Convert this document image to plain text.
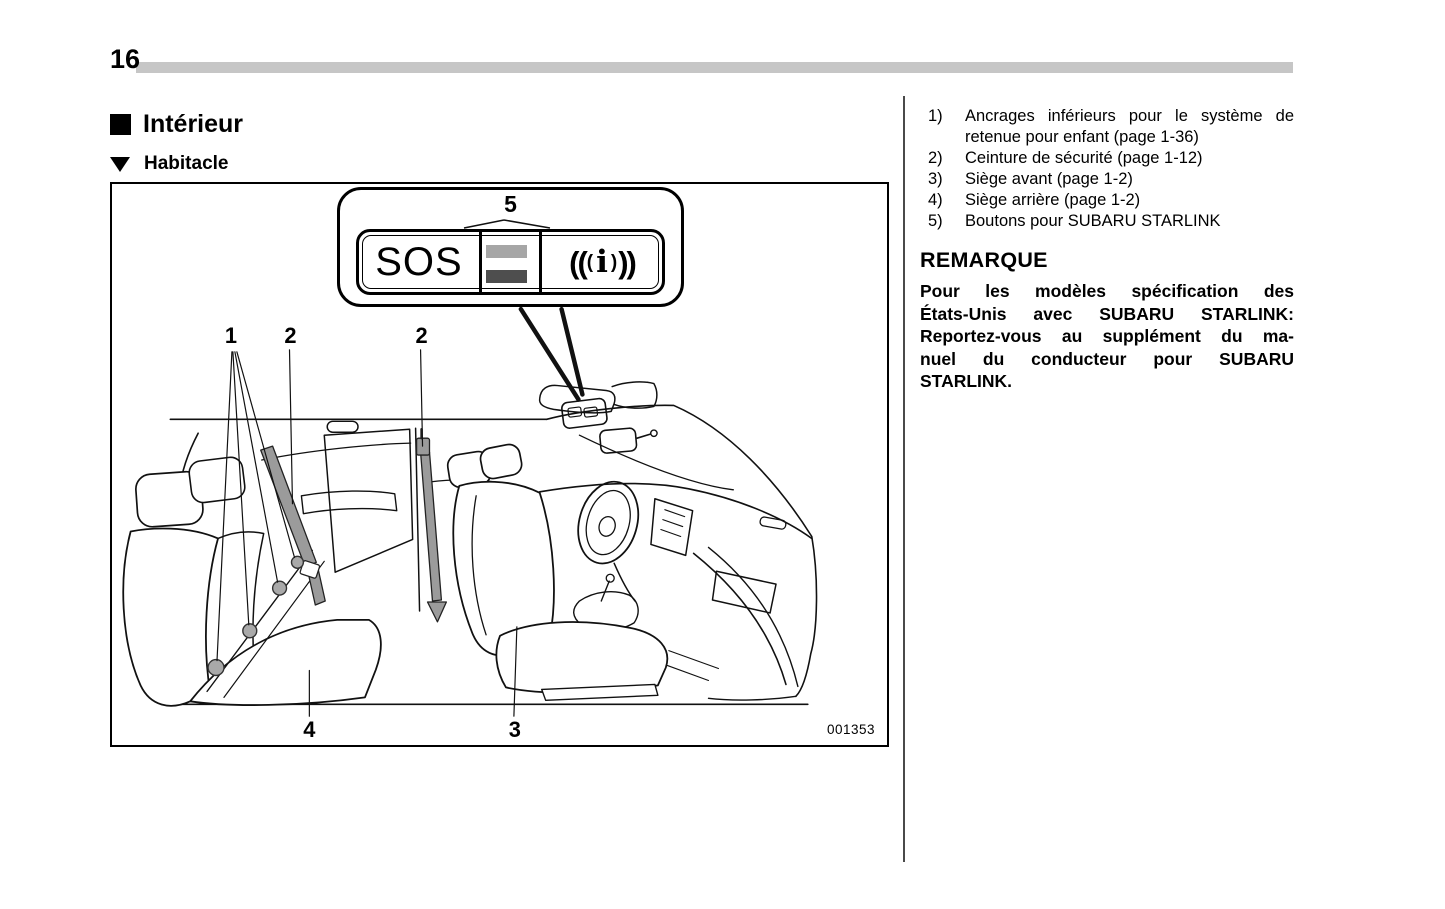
16
Intérieur
Habitacle
1 2	2
4	3
5
SOS	(( ( i ) ))
001353
1)	Ancrages inférieurs pour le système de
retenue pour enfant (page 1-36)
2)	Ceinture de sécurité (page 1-12)
3)	Siège avant (page 1-2)
4)	Siège arrière (page 1-2)
5)	Boutons pour SUBARU STARLINK
REMARQUE
Pour les modèles spécification des
États-Unis avec SUBARU STARLINK:
Reportez-vous au supplément du ma-
nuel du conducteur pour SUBARU
STARLINK.
